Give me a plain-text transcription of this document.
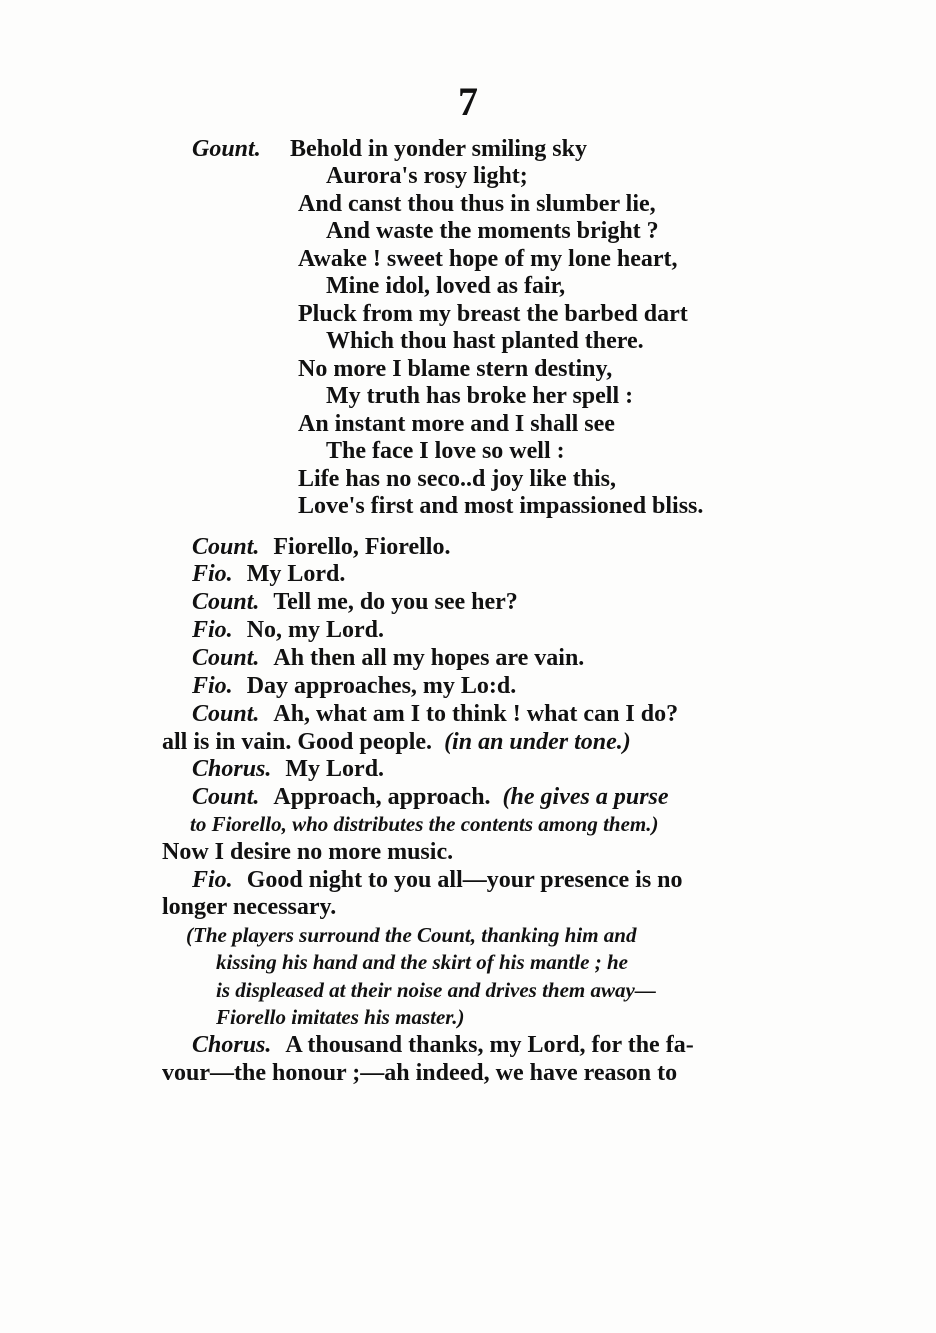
7
Gount. Behold in yonder smiling sky
Aurora's rosy light;
And canst thou thus in slumber lie,
And waste the moments bright ?
Awake ! sweet hope of my lone heart,
Mine idol, loved as fair,
Pluck from my breast the barbed dart
Which thou hast planted there.
No more I blame stern destiny,
My truth has broke her spell :
An instant more and I shall see
The face I love so well :
Life has no seco..d joy like this,
Love's first and most impassioned bliss.
Count. Fiorello, Fiorello.
Fio. My Lord.
Count. Tell me, do you see her?
Fio. No, my Lord.
Count. Ah then all my hopes are vain.
Fio. Day approaches, my Lo:d.
Count. Ah, what am I to think ! what can I do?
all is in vain. Good people. (in an under tone.)
Chorus. My Lord.
Count. Approach, approach. (he gives a purse
to Fiorello, who distributes the contents among them.)
Now I desire no more music.
Fio. Good night to you all—your presence is no
longer necessary.
(The players surround the Count, thanking him and
kissing his hand and the skirt of his mantle ; he
is displeased at their noise and drives them away—
Fiorello imitates his master.)
Chorus. A thousand thanks, my Lord, for the fa-
vour—the honour ;—ah indeed, we have reason to
